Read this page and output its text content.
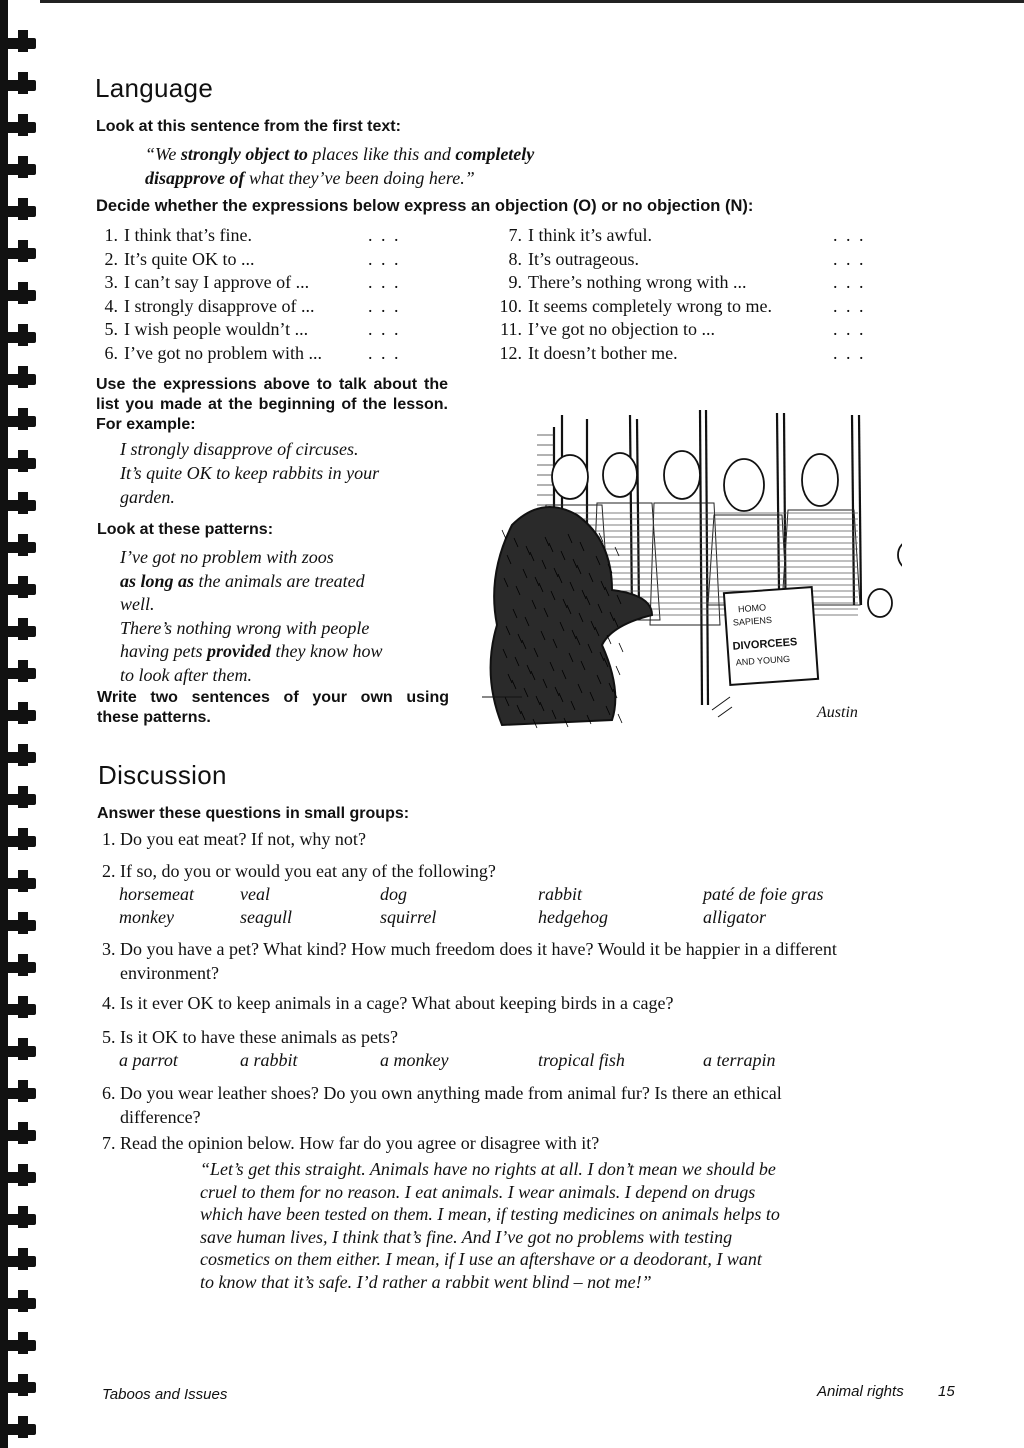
Language
Look at this sentence from the first text:
“We strongly object to places like this and completely
disapprove of what they’ve been doing here.”
Decide whether the expressions below express an objection (O) or no objection (N):
1. I think that’s fine.	. . .
2. It’s quite OK to ...	. . .
3. I can’t say I approve of ...	. . .
4. I strongly disapprove of ...	. . .
5. I wish people wouldn’t ...	. . .
6. I’ve got no problem with ...	. . .
7. I think it’s awful.	. . .
8. It’s outrageous.	. . .
9. There’s nothing wrong with ...	. . .
10. It seems completely wrong to me.	. . .
11. I’ve got no objection to ...	. . .
12. It doesn’t bother me.	. . .
Use the expressions above to talk about the list you made at the beginning of the lesson. For example:
I strongly disapprove of circuses.
It’s quite OK to keep rabbits in your
garden.
Look at these patterns:
I’ve got no problem with zoos
as long as the animals are treated
well.
There’s nothing wrong with people
having pets provided they know how
to look after them.
Write two sentences of your own using
these patterns.
HOMO
SAPIENS
DIVORCEES
AND YOUNG
Austin
Discussion
Answer these questions in small groups:
1. Do you eat meat? If not, why not?
2. If so, do you or would you eat any of the following?
horsemeat	veal	dog	rabbit	paté de foie gras
monkey	seagull	squirrel	hedgehog	alligator
3. Do you have a pet? What kind? How much freedom does it have? Would it be happier in a different
environment?
4. Is it ever OK to keep animals in a cage? What about keeping birds in a cage?
5. Is it OK to have these animals as pets?
a parrot	a rabbit	a monkey	tropical fish	a terrapin
6. Do you wear leather shoes? Do you own anything made from animal fur? Is there an ethical
difference?
7. Read the opinion below. How far do you agree or disagree with it?
“Let’s get this straight. Animals have no rights at all. I don’t mean we should be
cruel to them for no reason. I eat animals. I wear animals. I depend on drugs
which have been tested on them. I mean, if testing medicines on animals helps to
save human lives, I think that’s fine. And I’ve got no problems with testing
cosmetics on them either. I mean, if I use an aftershave or a deodorant, I want
to know that it’s safe. I’d rather a rabbit went blind – not me!”
Taboos and Issues	Animal rights 15
